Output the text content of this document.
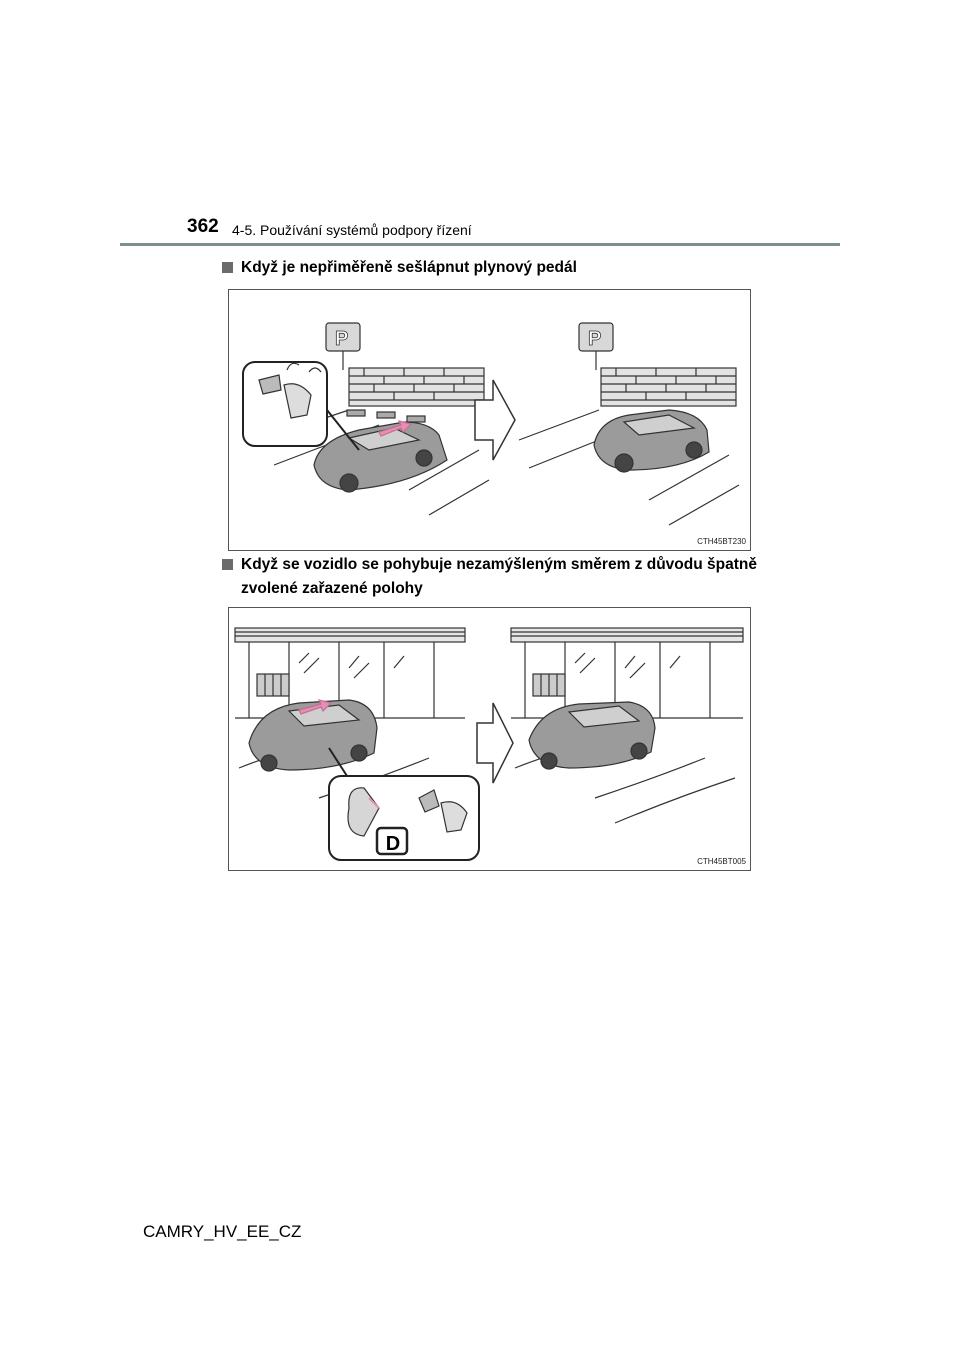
362 4-5. Používání systémů podpory řízení
Když je nepřiměřeně sešlápnut plynový pedál
P	P
CTH45BT230
Když se vozidlo se pohybuje nezamýšleným směrem z důvodu špatně zvolené zařazené polohy
D
CTH45BT005
CAMRY_HV_EE_CZ
